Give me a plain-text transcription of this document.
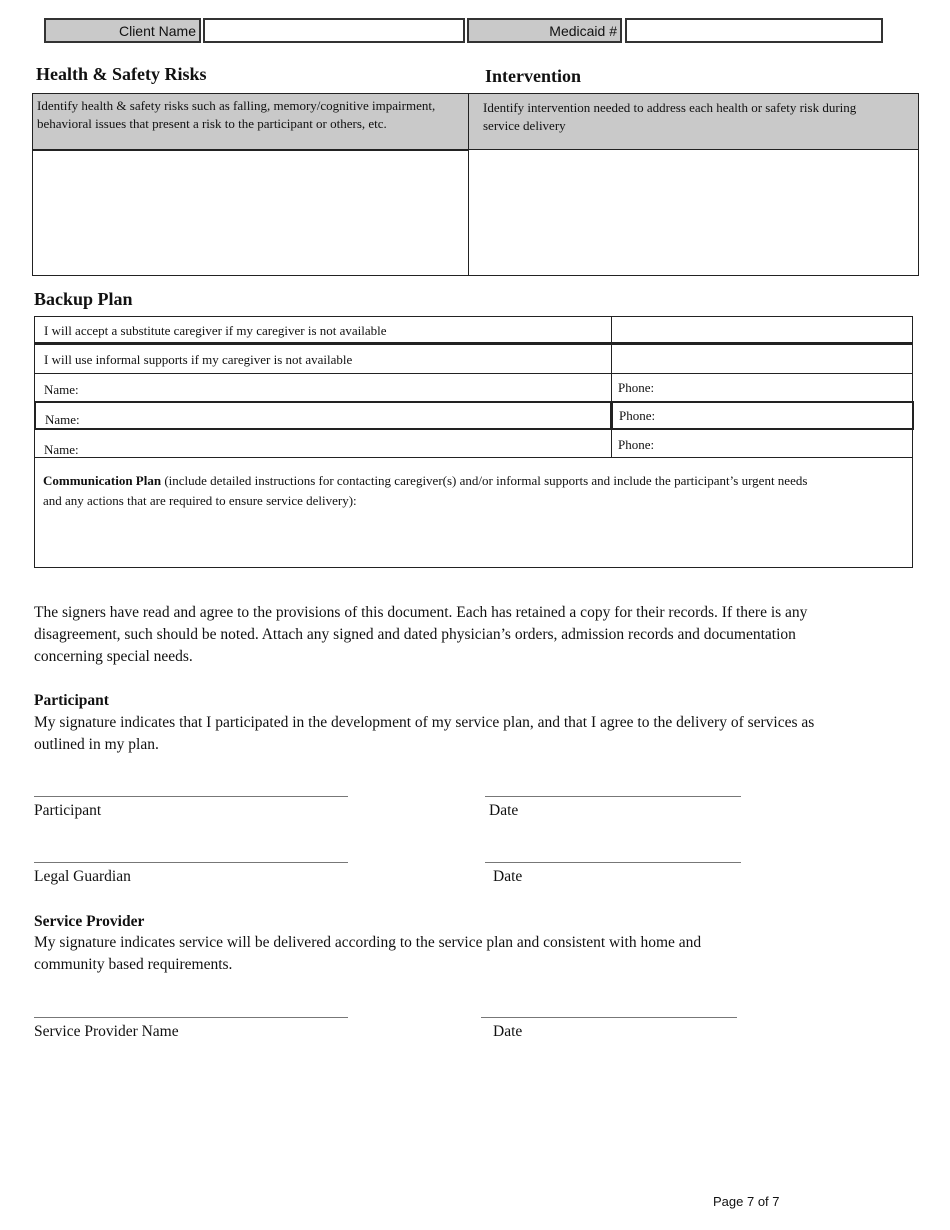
Client Name	Medicaid #
Health & Safety Risks	Intervention
Identify health & safety risks such as falling, memory/cognitive impairment, behavioral issues that present a risk to the participant or others, etc.
Identify intervention needed to address each health or safety risk during service delivery
Backup Plan
I will accept a substitute caregiver if my caregiver is not available
I will use informal supports if my caregiver is not available
Name:	Phone:
Name:	Phone:
Name:	Phone:
Communication Plan (include detailed instructions for contacting caregiver(s) and/or informal supports and include the participant’s urgent needs and any actions that are required to ensure service delivery):
The signers have read and agree to the provisions of this document. Each has retained a copy for their records. If there is any disagreement, such should be noted. Attach any signed and dated physician’s orders, admission records and documentation concerning special needs.
Participant
My signature indicates that I participated in the development of my service plan, and that I agree to the delivery of services as outlined in my plan.
Participant	Date
Legal Guardian	Date
Service Provider
My signature indicates service will be delivered according to the service plan and consistent with home and community based requirements.
Service Provider Name	Date
Page 7 of 7
